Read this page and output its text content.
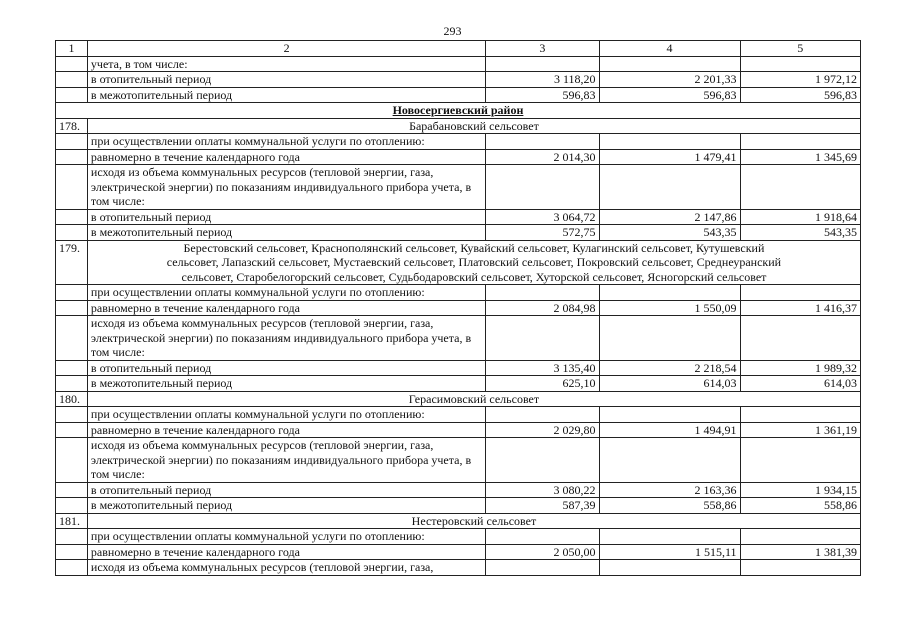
293
1	2	3	4	5
	учета, в том числе:			
	в отопительный период	3 118,20	2 201,33	1 972,12
	в межотопительный период	596,83	596,83	596,83
Новосергиевский район				
178.	Барабановский сельсовет			
	при осуществлении оплаты коммунальной услуги по отоплению:			
	равномерно в течение календарного года	2 014,30	1 479,41	1 345,69
	исходя из объема коммунальных ресурсов (тепловой энергии, газа, электрической энергии) по показаниям индивидуального прибора учета, в том числе:			
	в отопительный период	3 064,72	2 147,86	1 918,64
	в межотопительный период	572,75	543,35	543,35
179.	Берестовский сельсовет, Краснополянский сельсовет, Кувайский сельсовет, Кулагинский сельсовет, Кутушевский сельсовет, Лапазский сельсовет, Мустаевский сельсовет, Платовский сельсовет, Покровский сельсовет, Среднеуранский сельсовет, Старобелогорский сельсовет, Судьбодаровский сельсовет, Хуторской сельсовет, Ясногорский сельсовет			
	при осуществлении оплаты коммунальной услуги по отоплению:			
	равномерно в течение календарного года	2 084,98	1 550,09	1 416,37
	исходя из объема коммунальных ресурсов (тепловой энергии, газа, электрической энергии) по показаниям индивидуального прибора учета, в том числе:			
	в отопительный период	3 135,40	2 218,54	1 989,32
	в межотопительный период	625,10	614,03	614,03
180.	Герасимовский сельсовет			
	при осуществлении оплаты коммунальной услуги по отоплению:			
	равномерно в течение календарного года	2 029,80	1 494,91	1 361,19
	исходя из объема коммунальных ресурсов (тепловой энергии, газа, электрической энергии) по показаниям индивидуального прибора учета, в том числе:			
	в отопительный период	3 080,22	2 163,36	1 934,15
	в межотопительный период	587,39	558,86	558,86
181.	Нестеровский сельсовет			
	при осуществлении оплаты коммунальной услуги по отоплению:			
	равномерно в течение календарного года	2 050,00	1 515,11	1 381,39
	исходя из объема коммунальных ресурсов (тепловой энергии, газа,			
